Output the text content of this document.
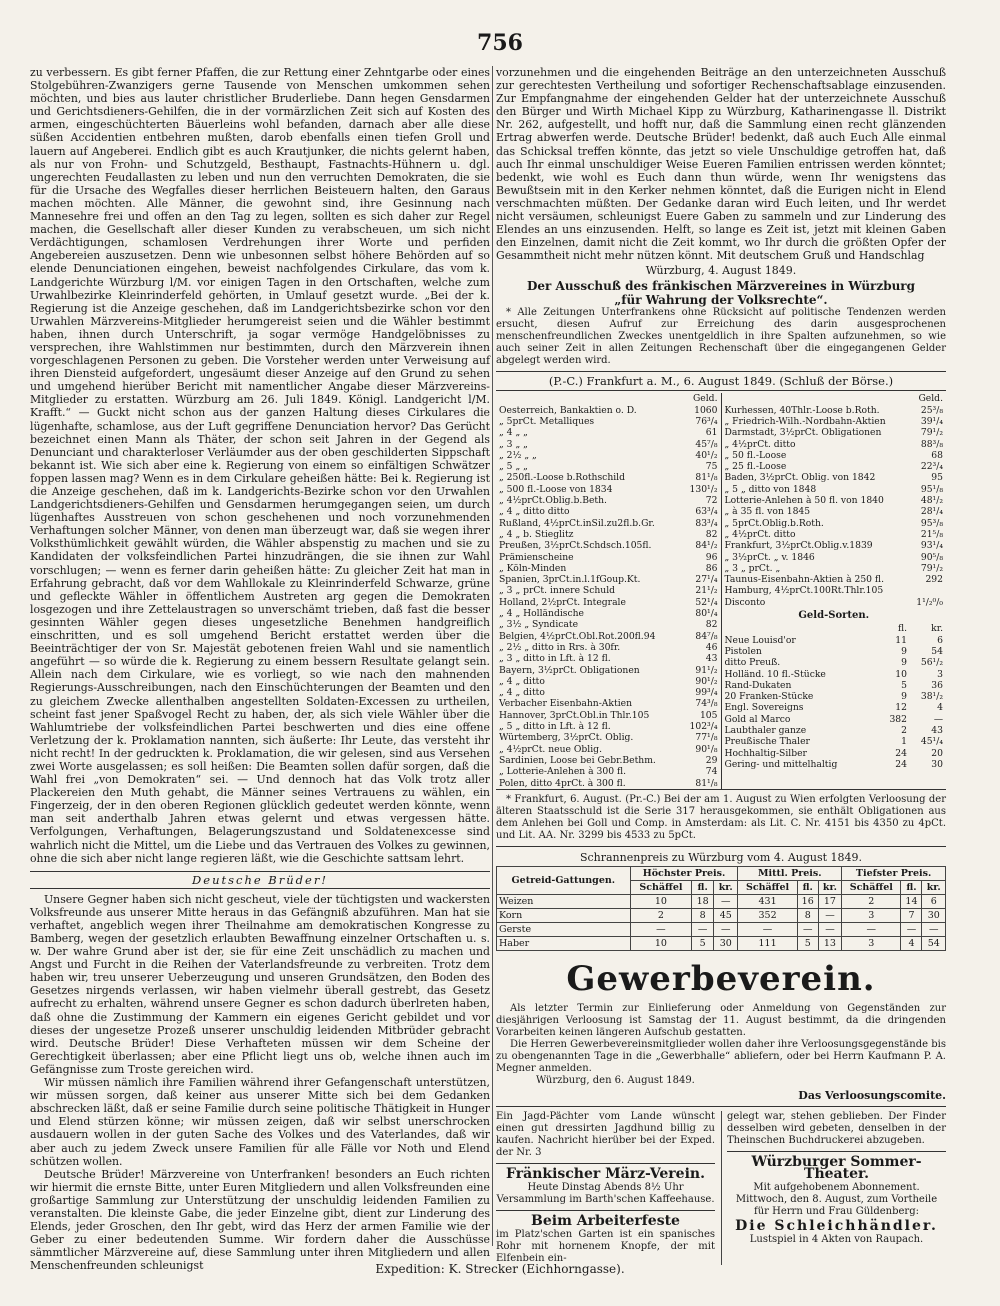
756

zu verbessern. Es gibt ferner Pfaffen, die zur Rettung einer Zehntgarbe oder eines Stolgebühren-Zwanzigers gerne Tausende von Menschen umkommen sehen möchten, und bies aus lauter christlicher Bruderliebe. Dann hegen Gensdarmen und Gerichtsdieners-Gehilfen, die in der vormärzlichen Zeit sich auf Kosten des armen, eingeschüchterten Bäuerleins wohl befanden, darnach aber alle diese süßen Accidentien entbehren mußten, darob ebenfalls einen tiefen Groll und lauern auf Angeberei. Endlich gibt es auch Krautjunker, die nichts gelernt haben, als nur von Frohn- und Schutzgeld, Besthaupt, Fastnachts-Hühnern u. dgl. ungerechten Feudallasten zu leben und nun den verruchten Demokraten, die sie für die Ursache des Wegfalles dieser herrlichen Beisteuern halten, den Garaus machen möchten. Alle Männer, die gewohnt sind, ihre Gesinnung nach Mannesehre frei und offen an den Tag zu legen, sollten es sich daher zur Regel machen, die Gesellschaft aller dieser Kunden zu verabscheuen, um sich nicht Verdächtigungen, schamlosen Verdrehungen ihrer Worte und perfiden Angebereien auszusetzen. Denn wie unbesonnen selbst höhere Behörden auf so elende Denunciationen eingehen, beweist nachfolgendes Cirkulare, das vom k. Landgerichte Würzburg l/M. vor einigen Tagen in den Ortschaften, welche zum Urwahlbezirke Kleinrinderfeld gehörten, in Umlauf gesetzt wurde. „Bei der k. Regierung ist die Anzeige geschehen, daß im Landgerichtsbezirke schon vor den Urwahlen Märzvereins-Mitglieder herumgereist seien und die Wähler bestimmt haben, ihnen durch Unterschrift, ja sogar vermöge Handgelöbnisses zu versprechen, ihre Wahlstimmen nur bestimmten, durch den Märzverein ihnen vorgeschlagenen Personen zu geben. Die Vorsteher werden unter Verweisung auf ihren Diensteid aufgefordert, ungesäumt dieser Anzeige auf den Grund zu sehen und umgehend hierüber Bericht mit namentlicher Angabe dieser Märzvereins-Mitglieder zu erstatten. Würzburg am 26. Juli 1849. Königl. Landgericht l/M. Krafft.“ — Guckt nicht schon aus der ganzen Haltung dieses Cirkulares die lügenhafte, schamlose, aus der Luft gegriffene Denunciation hervor? Das Gerücht bezeichnet einen Mann als Thäter, der schon seit Jahren in der Gegend als Denunciant und charakterloser Verläumder aus der oben geschilderten Sippschaft bekannt ist. Wie sich aber eine k. Regierung von einem so einfältigen Schwätzer foppen lassen mag? Wenn es in dem Cirkulare geheißen hätte: Bei k. Regierung ist die Anzeige geschehen, daß im k. Landgerichts-Bezirke schon vor den Urwahlen Landgerichtsdieners-Gehilfen und Gensdarmen herumgegangen seien, um durch lügenhaftes Ausstreuen von schon geschehenen und noch vorzunehmenden Verhaftungen solcher Männer, von denen man überzeugt war, daß sie wegen ihrer Volksthümlichkeit gewählt würden, die Wähler abspenstig zu machen und sie zu Kandidaten der volksfeindlichen Partei hinzudrängen, die sie ihnen zur Wahl vorschlugen; — wenn es ferner darin geheißen hätte: Zu gleicher Zeit hat man in Erfahrung gebracht, daß vor dem Wahllokale zu Kleinrinderfeld Schwarze, grüne und gefleckte Wähler in öffentlichem Austreten arg gegen die Demokraten losgezogen und ihre Zettelaustragen so unverschämt trieben, daß fast die besser gesinnten Wähler gegen dieses ungesetzliche Benehmen handgreiflich einschritten, und es soll umgehend Bericht erstattet werden über die Beeinträchtiger der von Sr. Majestät gebotenen freien Wahl und sie namentlich angeführt — so würde die k. Regierung zu einem bessern Resultate gelangt sein. Allein nach dem Cirkulare, wie es vorliegt, so wie nach den mahnenden Regierungs-Ausschreibungen, nach den Einschüchterungen der Beamten und den zu gleichem Zwecke allenthalben angestellten Soldaten-Excessen zu urtheilen, scheint fast jener Spaßvogel Recht zu haben, der, als sich viele Wähler über die Wahlumtriebe der volksfeindlichen Partei beschwerten und dies eine offene Verletzung der k. Proklamation nannten, sich äußerte: Ihr Leute, das versteht ihr nicht recht! In der gedruckten k. Proklamation, die wir gelesen, sind aus Versehen zwei Worte ausgelassen; es soll heißen: Die Beamten sollen dafür sorgen, daß die Wahl frei „von Demokraten“ sei. — Und dennoch hat das Volk trotz aller Plackereien den Muth gehabt, die Männer seines Vertrauens zu wählen, ein Fingerzeig, der in den oberen Regionen glücklich gedeutet werden könnte, wenn man seit anderthalb Jahren etwas gelernt und etwas vergessen hätte. Verfolgungen, Verhaftungen, Belagerungszustand und Soldatenexcesse sind wahrlich nicht die Mittel, um die Liebe und das Vertrauen des Volkes zu gewinnen, ohne die sich aber nicht lange regieren läßt, wie die Geschichte sattsam lehrt.

Deutsche Brüder!

Unsere Gegner haben sich nicht gescheut, viele der tüchtigsten und wackersten Volksfreunde aus unserer Mitte heraus in das Gefängniß abzuführen. Man hat sie verhaftet, angeblich wegen ihrer Theilnahme am demokratischen Kongresse zu Bamberg, wegen der gesetzlich erlaubten Bewaffnung einzelner Ortschaften u. s. w. Der wahre Grund aber ist der, sie für eine Zeit unschädlich zu machen und Angst und Furcht in die Reihen der Vaterlandsfreunde zu verbreiten. Trotz dem haben wir, treu unserer Ueberzeugung und unseren Grundsätzen, den Boden des Gesetzes nirgends verlassen, wir haben vielmehr überall gestrebt, das Gesetz aufrecht zu erhalten, während unsere Gegner es schon dadurch überlreten haben, daß ohne die Zustimmung der Kammern ein eigenes Gericht gebildet und vor dieses der ungesetze Prozeß unserer unschuldig leidenden Mitbrüder gebracht wird. Deutsche Brüder! Diese Verhafteten müssen wir dem Scheine der Gerechtigkeit überlassen; aber eine Pflicht liegt uns ob, welche ihnen auch im Gefängnisse zum Troste gereichen wird.

Wir müssen nämlich ihre Familien während ihrer Gefangenschaft unterstützen, wir müssen sorgen, daß keiner aus unserer Mitte sich bei dem Gedanken abschrecken läßt, daß er seine Familie durch seine politische Thätigkeit in Hunger und Elend stürzen könne; wir müssen zeigen, daß wir selbst unerschrocken ausdauern wollen in der guten Sache des Volkes und des Vaterlandes, daß wir aber auch zu jedem Zweck unsere Familien für alle Fälle vor Noth und Elend schützen wollen.

Deutsche Brüder! Märzvereine von Unterfranken! besonders an Euch richten wir hiermit die ernste Bitte, unter Euren Mitgliedern und allen Volksfreunden eine großartige Sammlung zur Unterstützung der unschuldig leidenden Familien zu veranstalten. Die kleinste Gabe, die jeder Einzelne gibt, dient zur Linderung des Elends, jeder Groschen, den Ihr gebt, wird das Herz der armen Familie wie der Geber zu einer bedeutenden Summe. Wir fordern daher die Ausschüsse sämmtlicher Märzvereine auf, diese Sammlung unter ihren Mitgliedern und allen Menschenfreunden schleunigst

vorzunehmen und die eingehenden Beiträge an den unterzeichneten Ausschuß zur gerechtesten Vertheilung und sofortiger Rechenschaftsablage einzusenden. Zur Empfangnahme der eingehenden Gelder hat der unterzeichnete Ausschuß den Bürger und Wirth Michael Kipp zu Würzburg, Katharinengasse ll. Distrikt Nr. 262, aufgestellt, und hofft nur, daß die Sammlung einen recht glänzenden Ertrag abwerfen werde. Deutsche Brüder! bedenkt, daß auch Euch Alle einmal das Schicksal treffen könnte, das jetzt so viele Unschuldige getroffen hat, daß auch Ihr einmal unschuldiger Weise Eueren Familien entrissen werden könntet; bedenkt, wie wohl es Euch dann thun würde, wenn Ihr wenigstens das Bewußtsein mit in den Kerker nehmen könntet, daß die Eurigen nicht in Elend verschmachten müßten. Der Gedanke daran wird Euch leiten, und Ihr werdet nicht versäumen, schleunigst Euere Gaben zu sammeln und zur Linderung des Elendes an uns einzusenden. Helft, so lange es Zeit ist, jetzt mit kleinen Gaben den Einzelnen, damit nicht die Zeit kommt, wo Ihr durch die größten Opfer der Gesammtheit nicht mehr nützen könnt. Mit deutschem Gruß und Handschlag

Würzburg, 4. August 1849.

Der Ausschuß des fränkischen Märzvereines in Würzburg

„für Wahrung der Volksrechte“.

* Alle Zeitungen Unterfrankens ohne Rücksicht auf politische Tendenzen werden ersucht, diesen Aufruf zur Erreichung des darin ausgesprochenen menschenfreundlichen Zweckes unentgeldlich in ihre Spalten aufzunehmen, so wie auch seiner Zeit in allen Zeitungen Rechenschaft über die eingegangenen Gelder abgelegt werden wird.

(P.-C.) Frankfurt a. M., 6. August 1849. (Schluß der Börse.)
Geld.
Oesterreich, Bankaktien o. D.	1060
„ 5prCt. Metalliques	76³/₄
„ 4 „ „	61
„ 3 „ „	45⁷/₈
„ 2½ „ „	40¹/₂
„ 5 „ „	75
„ 250fl.-Loose b.Rothschild	81¹/₈
„ 500 fl.-Loose von 1834	130¹/₂
„ 4½prCt.Oblig.b.Beth.	72
„ 4 „ ditto ditto	63³/₄
Rußland, 4½prCt.inSil.zu2fl.b.Gr.	83³/₄
„ 4 „ b. Stieglitz	82
Preußen, 3½prCt.Schdsch.105fl.	84¹/₂
Prämienscheine	96
„ Köln-Minden	86
Spanien, 3prCt.in.l.1fGoup.Kt.	27¹/₄
„ 3 „ prCt. innere Schuld	21¹/₂
Holland, 2½prCt. Integrale	52¹/₄
„ 4 „ Holländische	80¹/₄
„ 3½ „ Syndicate	82
Belgien, 4½prCt.Obl.Rot.200fl.94	84⁷/₈
„ 2½ „ ditto in Rrs. à 30fr.	46
„ 3 „ ditto in Lft. à 12 fl.	43
Bayern, 3½prCt. Obligationen	91¹/₂
„ 4 „ ditto	90¹/₂
„ 4 „ ditto	99³/₄
Verbacher Eisenbahn-Aktien	74³/₈
Hannover, 3prCt.Obl.in Thlr.105	105
„ 5 „ ditto in Lft. à 12 fl.	102³/₄
Würtemberg, 3½prCt. Oblig.	77¹/₈
„ 4½prCt. neue Oblig.	90¹/₈
Sardinien, Loose bei Gebr.Bethm.	29
„ Lotterie-Anlehen à 300 fl.	74
Polen, ditto 4prCt. à 300 fl.	81¹/₈
Geld.
Kurhessen, 40Thlr.-Loose b.Roth.	25³/₈
„ Friedrich-Wilh.-Nordbahn-Aktien	39¹/₄
Darmstadt, 3½prCt. Obligationen	79¹/₂
„ 4½prCt. ditto	88³/₈
„ 50 fl.-Loose	68
„ 25 fl.-Loose	22³/₄
Baden, 3½prCt. Oblig. von 1842	95
„ 5 „ ditto von 1848	95¹/₈
Lotterie-Anlehen à 50 fl. von 1840	48¹/₂
„ à 35 fl. von 1845	28¹/₄
„ 5prCt.Oblig.b.Roth.	95³/₈
„ 4½prCt. ditto	21⁵/₈
Frankfurt, 3½prCt.Oblig.v.1839	93¹/₄
„ 3½prCt. „ v. 1846	90⁵/₈
„ 3 „ prCt. „	79¹/₂
Taunus-Eisenbahn-Aktien à 250 fl.	292
Hamburg, 4½prCt.100Rt.Thlr.105
Disconto	1¹/₂⁰/₀
Geld-Sorten.
fl.	kr.
Neue Louisd'or	11	6
Pistolen	9	54
ditto Preuß.	9	56¹/₂
Holländ. 10 fl.-Stücke	10	3
Rand-Dukaten	5	36
20 Franken-Stücke	9	38¹/₂
Engl. Sovereigns	12	4
Gold al Marco	382	—
Laubthaler ganze	2	43
Preußische Thaler	1	45¹/₄
Hochhaltig-Silber	24	20
Gering- und mittelhaltig	24	30

* Frankfurt, 6. August. (Pr.-C.) Bei der am 1. August zu Wien erfolgten Verloosung der älteren Staatsschuld ist die Serie 317 herausgekommen, sie enthält Obligationen aus dem Anlehen bei Goll und Comp. in Amsterdam: als Lit. C. Nr. 4151 bis 4350 zu 4pCt. und Lit. AA. Nr. 3299 bis 4533 zu 5pCt.

Schrannenpreis zu Würzburg vom 4. August 1849.
Getreid-Gattungen.	Höchster Preis.			Mittl. Preis.			Tiefster Preis.		
	Schäffel	fl.	kr.	Schäffel	fl.	kr.	Schäffel	fl.	kr.
Weizen	10	18	—	431	16	17	2	14	6
Korn	2	8	45	352	8	—	3	7	30
Gerste	—	—	—	—	—	—	—	—	—
Haber	10	5	30	111	5	13	3	4	54
Gewerbeverein.

Als letzter Termin zur Einlieferung oder Anmeldung von Gegenständen zur diesjährigen Verloosung ist Samstag der 11. August bestimmt, da die dringenden Vorarbeiten keinen längeren Aufschub gestatten.

Die Herren Gewerbevereinsmitglieder wollen daher ihre Verloosungsgegenstände bis zu obengenannten Tage in die „Gewerbhalle“ abliefern, oder bei Herrn Kaufmann P. A. Megner anmelden.

Würzburg, den 6. August 1849.
Das Verloosungscomite.
Ein Jagd-Pächter vom Lande wünscht einen gut dressirten Jagdhund billig zu kaufen. Nachricht hierüber bei der Exped. der Nr. 3
Fränkischer März-Verein.
Heute Dinstag Abends 8½ Uhr Versammlung im Barth'schen Kaffeehause.
Beim Arbeiterfeste
im Platz'schen Garten ist ein spanisches Rohr mit hornenem Knopfe, der mit Elfenbein ein-
gelegt war, stehen geblieben. Der Finder desselben wird gebeten, denselben in der Theinschen Buchdruckerei abzugeben.
Würzburger Sommer-Theater.
Mit aufgehobenem Abonnement. Mittwoch, den 8. August, zum Vortheile für Herrn und Frau Güldenberg:
Die Schleichhändler.
Lustspiel in 4 Akten von Raupach.
Expedition: K. Strecker (Eichhorngasse).
